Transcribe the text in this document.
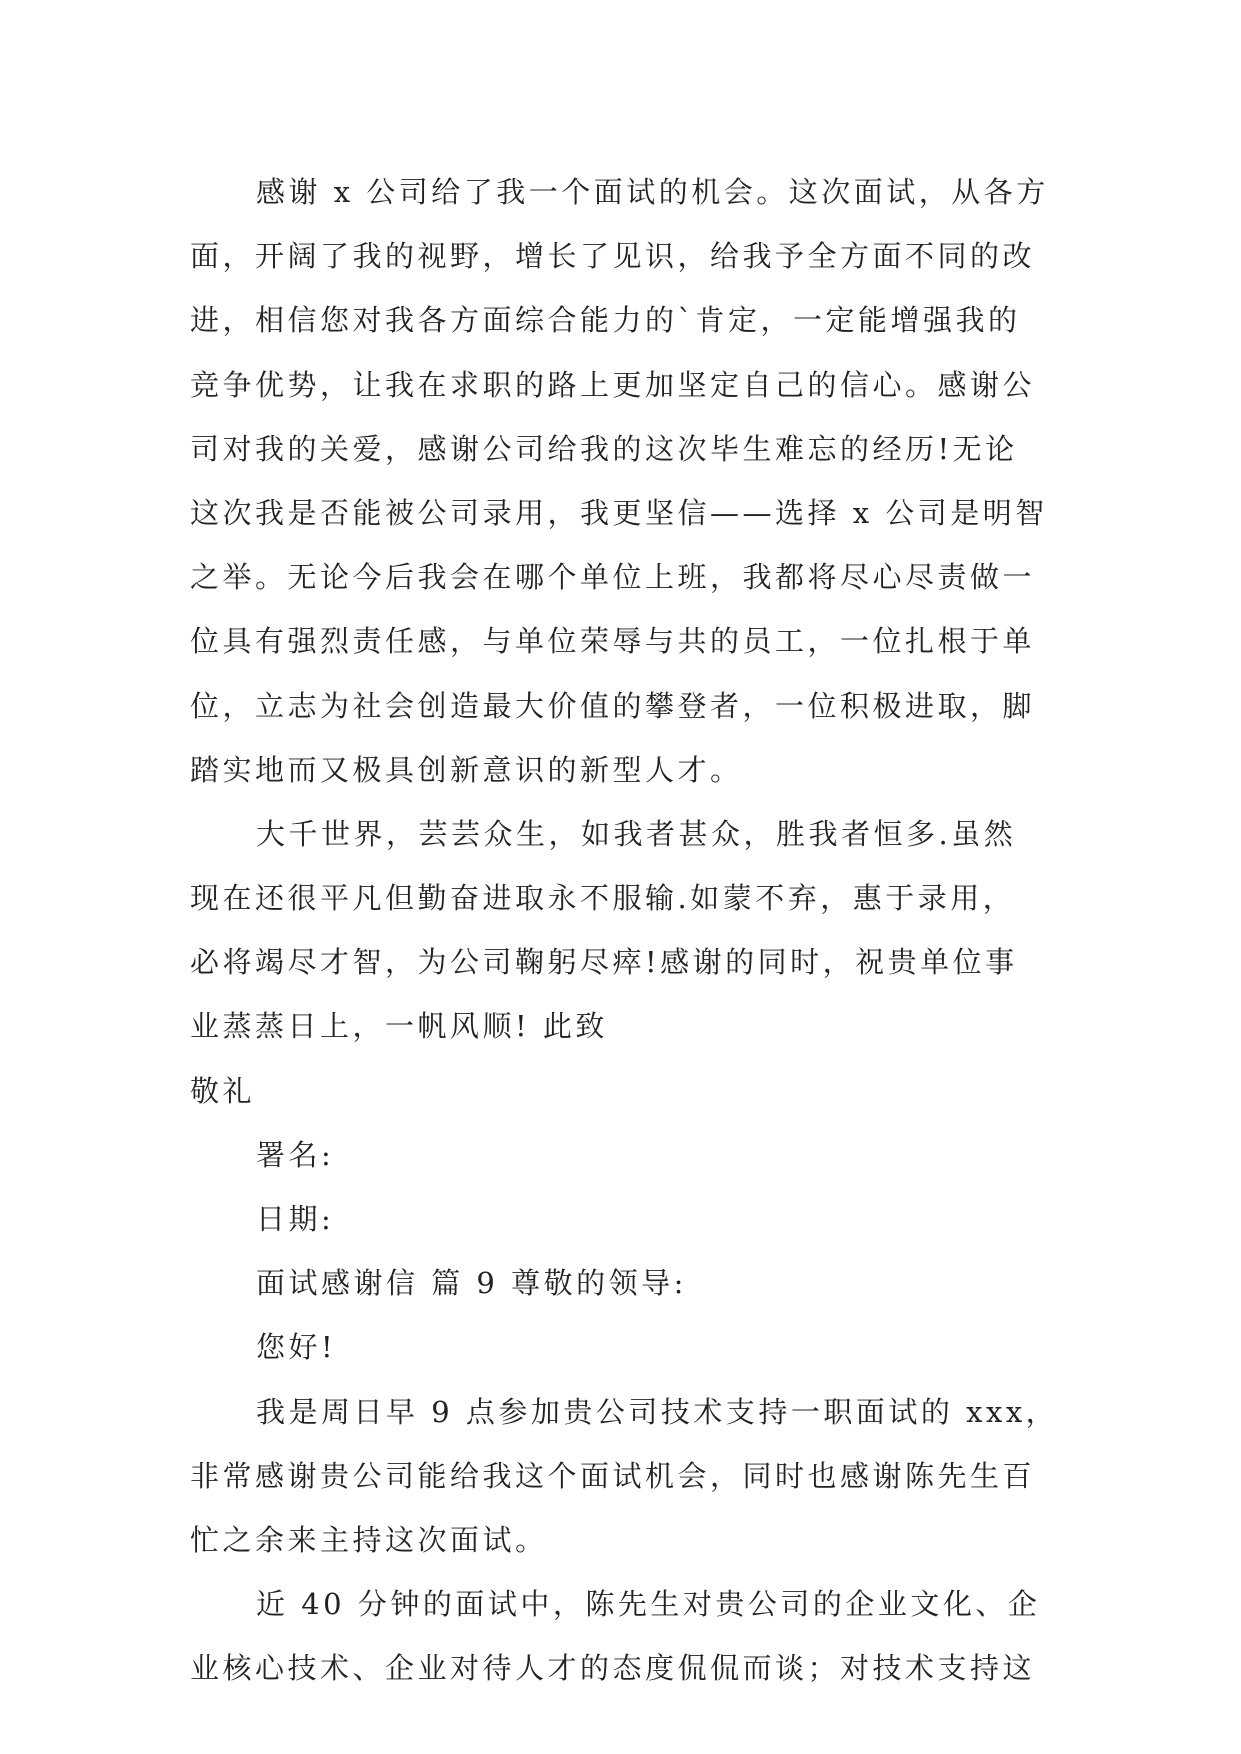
感谢 x 公司给了我一个面试的机会。这次面试，从各方
面，开阔了我的视野，增长了见识，给我予全方面不同的改
进，相信您对我各方面综合能力的`肯定，一定能增强我的
竞争优势，让我在求职的路上更加坚定自己的信心。感谢公
司对我的关爱，感谢公司给我的这次毕生难忘的经历!无论
这次我是否能被公司录用，我更坚信——选择 x 公司是明智
之举。无论今后我会在哪个单位上班，我都将尽心尽责做一
位具有强烈责任感，与单位荣辱与共的员工，一位扎根于单
位，立志为社会创造最大价值的攀登者，一位积极进取，脚
踏实地而又极具创新意识的新型人才。
大千世界，芸芸众生，如我者甚众，胜我者恒多.虽然
现在还很平凡但勤奋进取永不服输.如蒙不弃，惠于录用，
必将竭尽才智，为公司鞠躬尽瘁!感谢的同时，祝贵单位事
业蒸蒸日上，一帆风顺! 此致
敬礼
署名:
日期:
面试感谢信 篇 9 尊敬的领导:
您好!
我是周日早 9 点参加贵公司技术支持一职面试的 xxx，
非常感谢贵公司能给我这个面试机会，同时也感谢陈先生百
忙之余来主持这次面试。
近 40 分钟的面试中，陈先生对贵公司的企业文化、企
业核心技术、企业对待人才的态度侃侃而谈；对技术支持这
